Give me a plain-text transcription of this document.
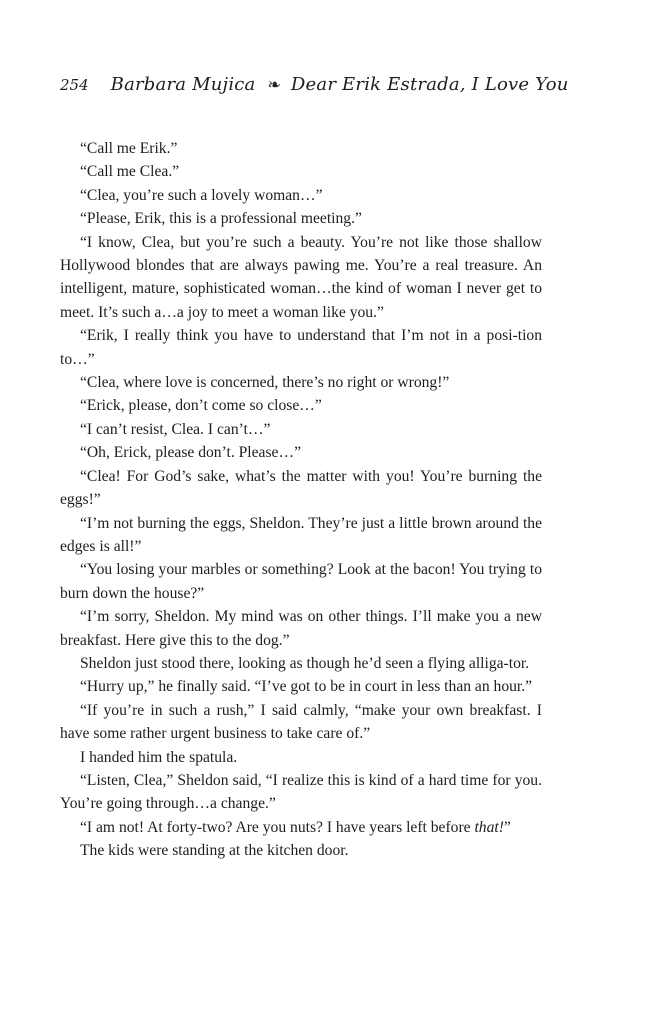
254 Barbara Mujica ❧ Dear Erik Estrada, I Love You

“Call me Erik.”

“Call me Clea.”

“Clea, you’re such a lovely woman…”

“Please, Erik, this is a professional meeting.”

“I know, Clea, but you’re such a beauty. You’re not like those shallow Hollywood blondes that are always pawing me. You’re a real treasure. An intelligent, mature, sophisticated woman…the kind of woman I never get to meet. It’s such a…a joy to meet a woman like you.”

“Erik, I really think you have to understand that I’m not in a posi-tion to…”

“Clea, where love is concerned, there’s no right or wrong!”

“Erick, please, don’t come so close…”

“I can’t resist, Clea. I can’t…”

“Oh, Erick, please don’t. Please…”

“Clea! For God’s sake, what’s the matter with you! You’re burning the eggs!”

“I’m not burning the eggs, Sheldon. They’re just a little brown around the edges is all!”

“You losing your marbles or something? Look at the bacon! You trying to burn down the house?”

“I’m sorry, Sheldon. My mind was on other things. I’ll make you a new breakfast. Here give this to the dog.”

Sheldon just stood there, looking as though he’d seen a flying alliga-tor.

“Hurry up,” he finally said. “I’ve got to be in court in less than an hour.”

“If you’re in such a rush,” I said calmly, “make your own breakfast. I have some rather urgent business to take care of.”

I handed him the spatula.

“Listen, Clea,” Sheldon said, “I realize this is kind of a hard time for you. You’re going through…a change.”

“I am not! At forty-two? Are you nuts? I have years left before that!”

The kids were standing at the kitchen door.
